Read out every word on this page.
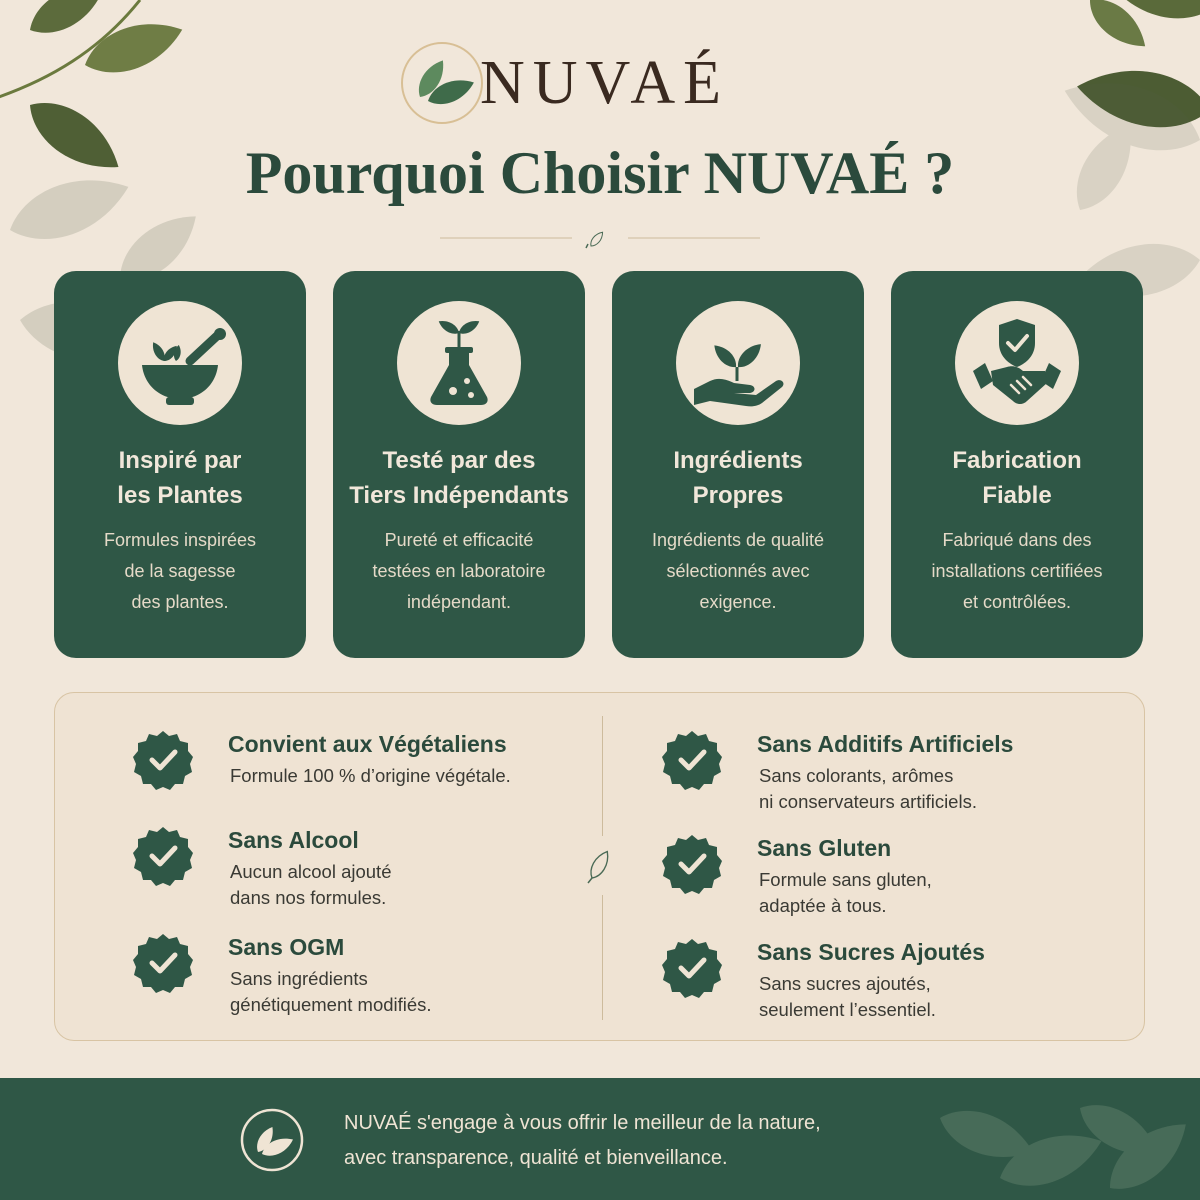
NUVAÉ
Pourquoi Choisir NUVAÉ ?
Inspiré par
les Plantes
Formules inspirées
de la sagesse
des plantes.
Testé par des
Tiers Indépendants
Pureté et efficacité
testées en laboratoire
indépendant.
Ingrédients
Propres
Ingrédients de qualité
sélectionnés avec
exigence.
Fabrication
Fiable
Fabriqué dans des
installations certifiées
et contrôlées.
Convient aux Végétaliens
Formule 100 % d’origine végétale.
Sans Alcool
Aucun alcool ajouté
dans nos formules.
Sans OGM
Sans ingrédients
génétiquement modifiés.
Sans Additifs Artificiels
Sans colorants, arômes
ni conservateurs artificiels.
Sans Gluten
Formule sans gluten,
adaptée à tous.
Sans Sucres Ajoutés
Sans sucres ajoutés,
seulement l’essentiel.
NUVAÉ s'engage à vous offrir le meilleur de la nature,
avec transparence, qualité et bienveillance.
